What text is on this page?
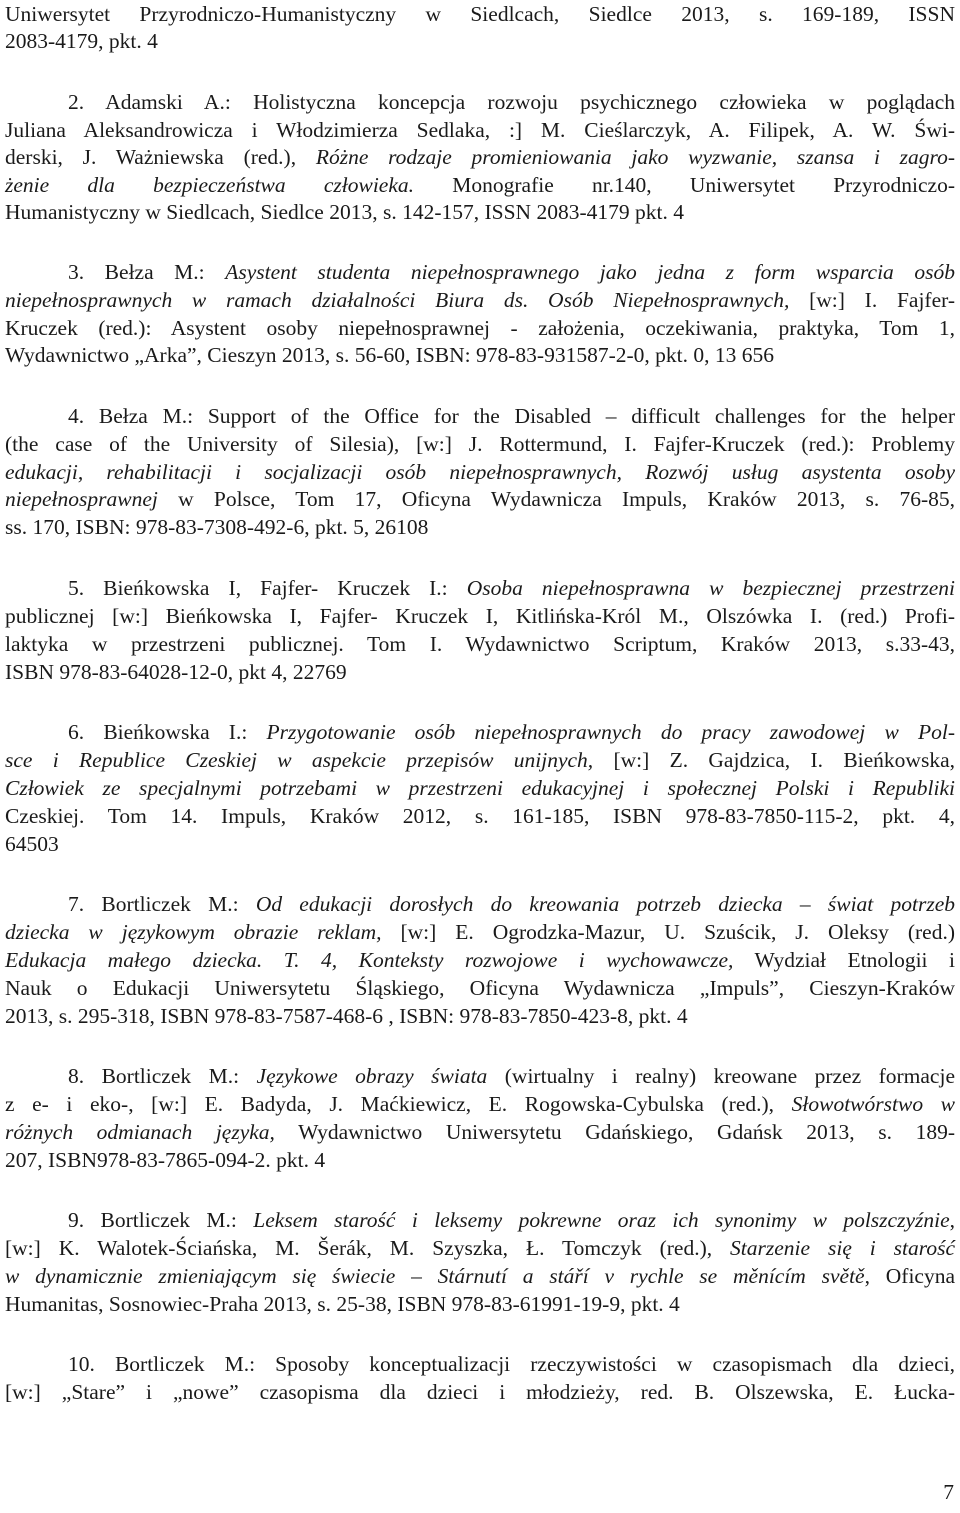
Uniwersytet Przyrodniczo-Humanistyczny w Siedlcach, Siedlce 2013, s. 169-189, ISSN
2083-4179, pkt. 4
2. Adamski A.: Holistyczna koncepcja rozwoju psychicznego człowieka w poglądach
Juliana Aleksandrowicza i Włodzimierza Sedlaka, :] M. Cieślarczyk, A. Filipek, A. W. Świ-
derski, J. Ważniewska (red.), Różne rodzaje promieniowania jako wyzwanie, szansa i zagro-
żenie dla bezpieczeństwa człowieka. Monografie nr.140, Uniwersytet Przyrodniczo-
Humanistyczny w Siedlcach, Siedlce 2013, s. 142-157, ISSN 2083-4179 pkt. 4
3. Bełza M.: Asystent studenta niepełnosprawnego jako jedna z form wsparcia osób
niepełnosprawnych w ramach działalności Biura ds. Osób Niepełnosprawnych, [w:] I. Fajfer-
Kruczek (red.): Asystent osoby niepełnosprawnej - założenia, oczekiwania, praktyka, Tom 1,
Wydawnictwo „Arka”, Cieszyn 2013, s. 56-60, ISBN: 978-83-931587-2-0, pkt. 0, 13 656
4. Bełza M.: Support of the Office for the Disabled – difficult challenges for the helper
(the case of the University of Silesia), [w:] J. Rottermund, I. Fajfer-Kruczek (red.): Problemy
edukacji, rehabilitacji i socjalizacji osób niepełnosprawnych, Rozwój usług asystenta osoby
niepełnosprawnej w Polsce, Tom 17, Oficyna Wydawnicza Impuls, Kraków 2013, s. 76-85,
ss. 170, ISBN: 978-83-7308-492-6, pkt. 5, 26108
5. Bieńkowska I, Fajfer- Kruczek I.: Osoba niepełnosprawna w bezpiecznej przestrzeni
publicznej [w:] Bieńkowska I, Fajfer- Kruczek I, Kitlińska-Król M., Olszówka I. (red.) Profi-
laktyka w przestrzeni publicznej. Tom I. Wydawnictwo Scriptum, Kraków 2013, s.33-43,
ISBN 978-83-64028-12-0, pkt 4, 22769
6. Bieńkowska I.: Przygotowanie osób niepełnosprawnych do pracy zawodowej w Pol-
sce i Republice Czeskiej w aspekcie przepisów unijnych, [w:] Z. Gajdzica, I. Bieńkowska,
Człowiek ze specjalnymi potrzebami w przestrzeni edukacyjnej i społecznej Polski i Republiki
Czeskiej. Tom 14. Impuls, Kraków 2012, s. 161-185, ISBN 978-83-7850-115-2, pkt. 4,
64503
7. Bortliczek M.: Od edukacji dorosłych do kreowania potrzeb dziecka – świat potrzeb
dziecka w językowym obrazie reklam, [w:] E. Ogrodzka-Mazur, U. Szuścik, J. Oleksy (red.)
Edukacja małego dziecka. T. 4, Konteksty rozwojowe i wychowawcze, Wydział Etnologii i
Nauk o Edukacji Uniwersytetu Śląskiego, Oficyna Wydawnicza „Impuls”, Cieszyn-Kraków
2013, s. 295-318, ISBN 978-83-7587-468-6 , ISBN: 978-83-7850-423-8, pkt. 4
8. Bortliczek M.: Językowe obrazy świata (wirtualny i realny) kreowane przez formacje
z e- i eko-, [w:] E. Badyda, J. Maćkiewicz, E. Rogowska-Cybulska (red.), Słowotwórstwo w
różnych odmianach języka, Wydawnictwo Uniwersytetu Gdańskiego, Gdańsk 2013, s. 189-
207, ISBN978-83-7865-094-2. pkt. 4
9. Bortliczek M.: Leksem starość i leksemy pokrewne oraz ich synonimy w polszczyźnie,
[w:] K. Walotek-Ściańska, M. Šerák, M. Szyszka, Ł. Tomczyk (red.), Starzenie się i starość
w dynamicznie zmieniającym się świecie – Stárnutí a stáří v rychle se měnícím světě, Oficyna
Humanitas, Sosnowiec-Praha 2013, s. 25-38, ISBN 978-83-61991-19-9, pkt. 4
10. Bortliczek M.: Sposoby konceptualizacji rzeczywistości w czasopismach dla dzieci,
[w:] „Stare” i „nowe” czasopisma dla dzieci i młodzieży, red. B. Olszewska, E. Łucka-
7
